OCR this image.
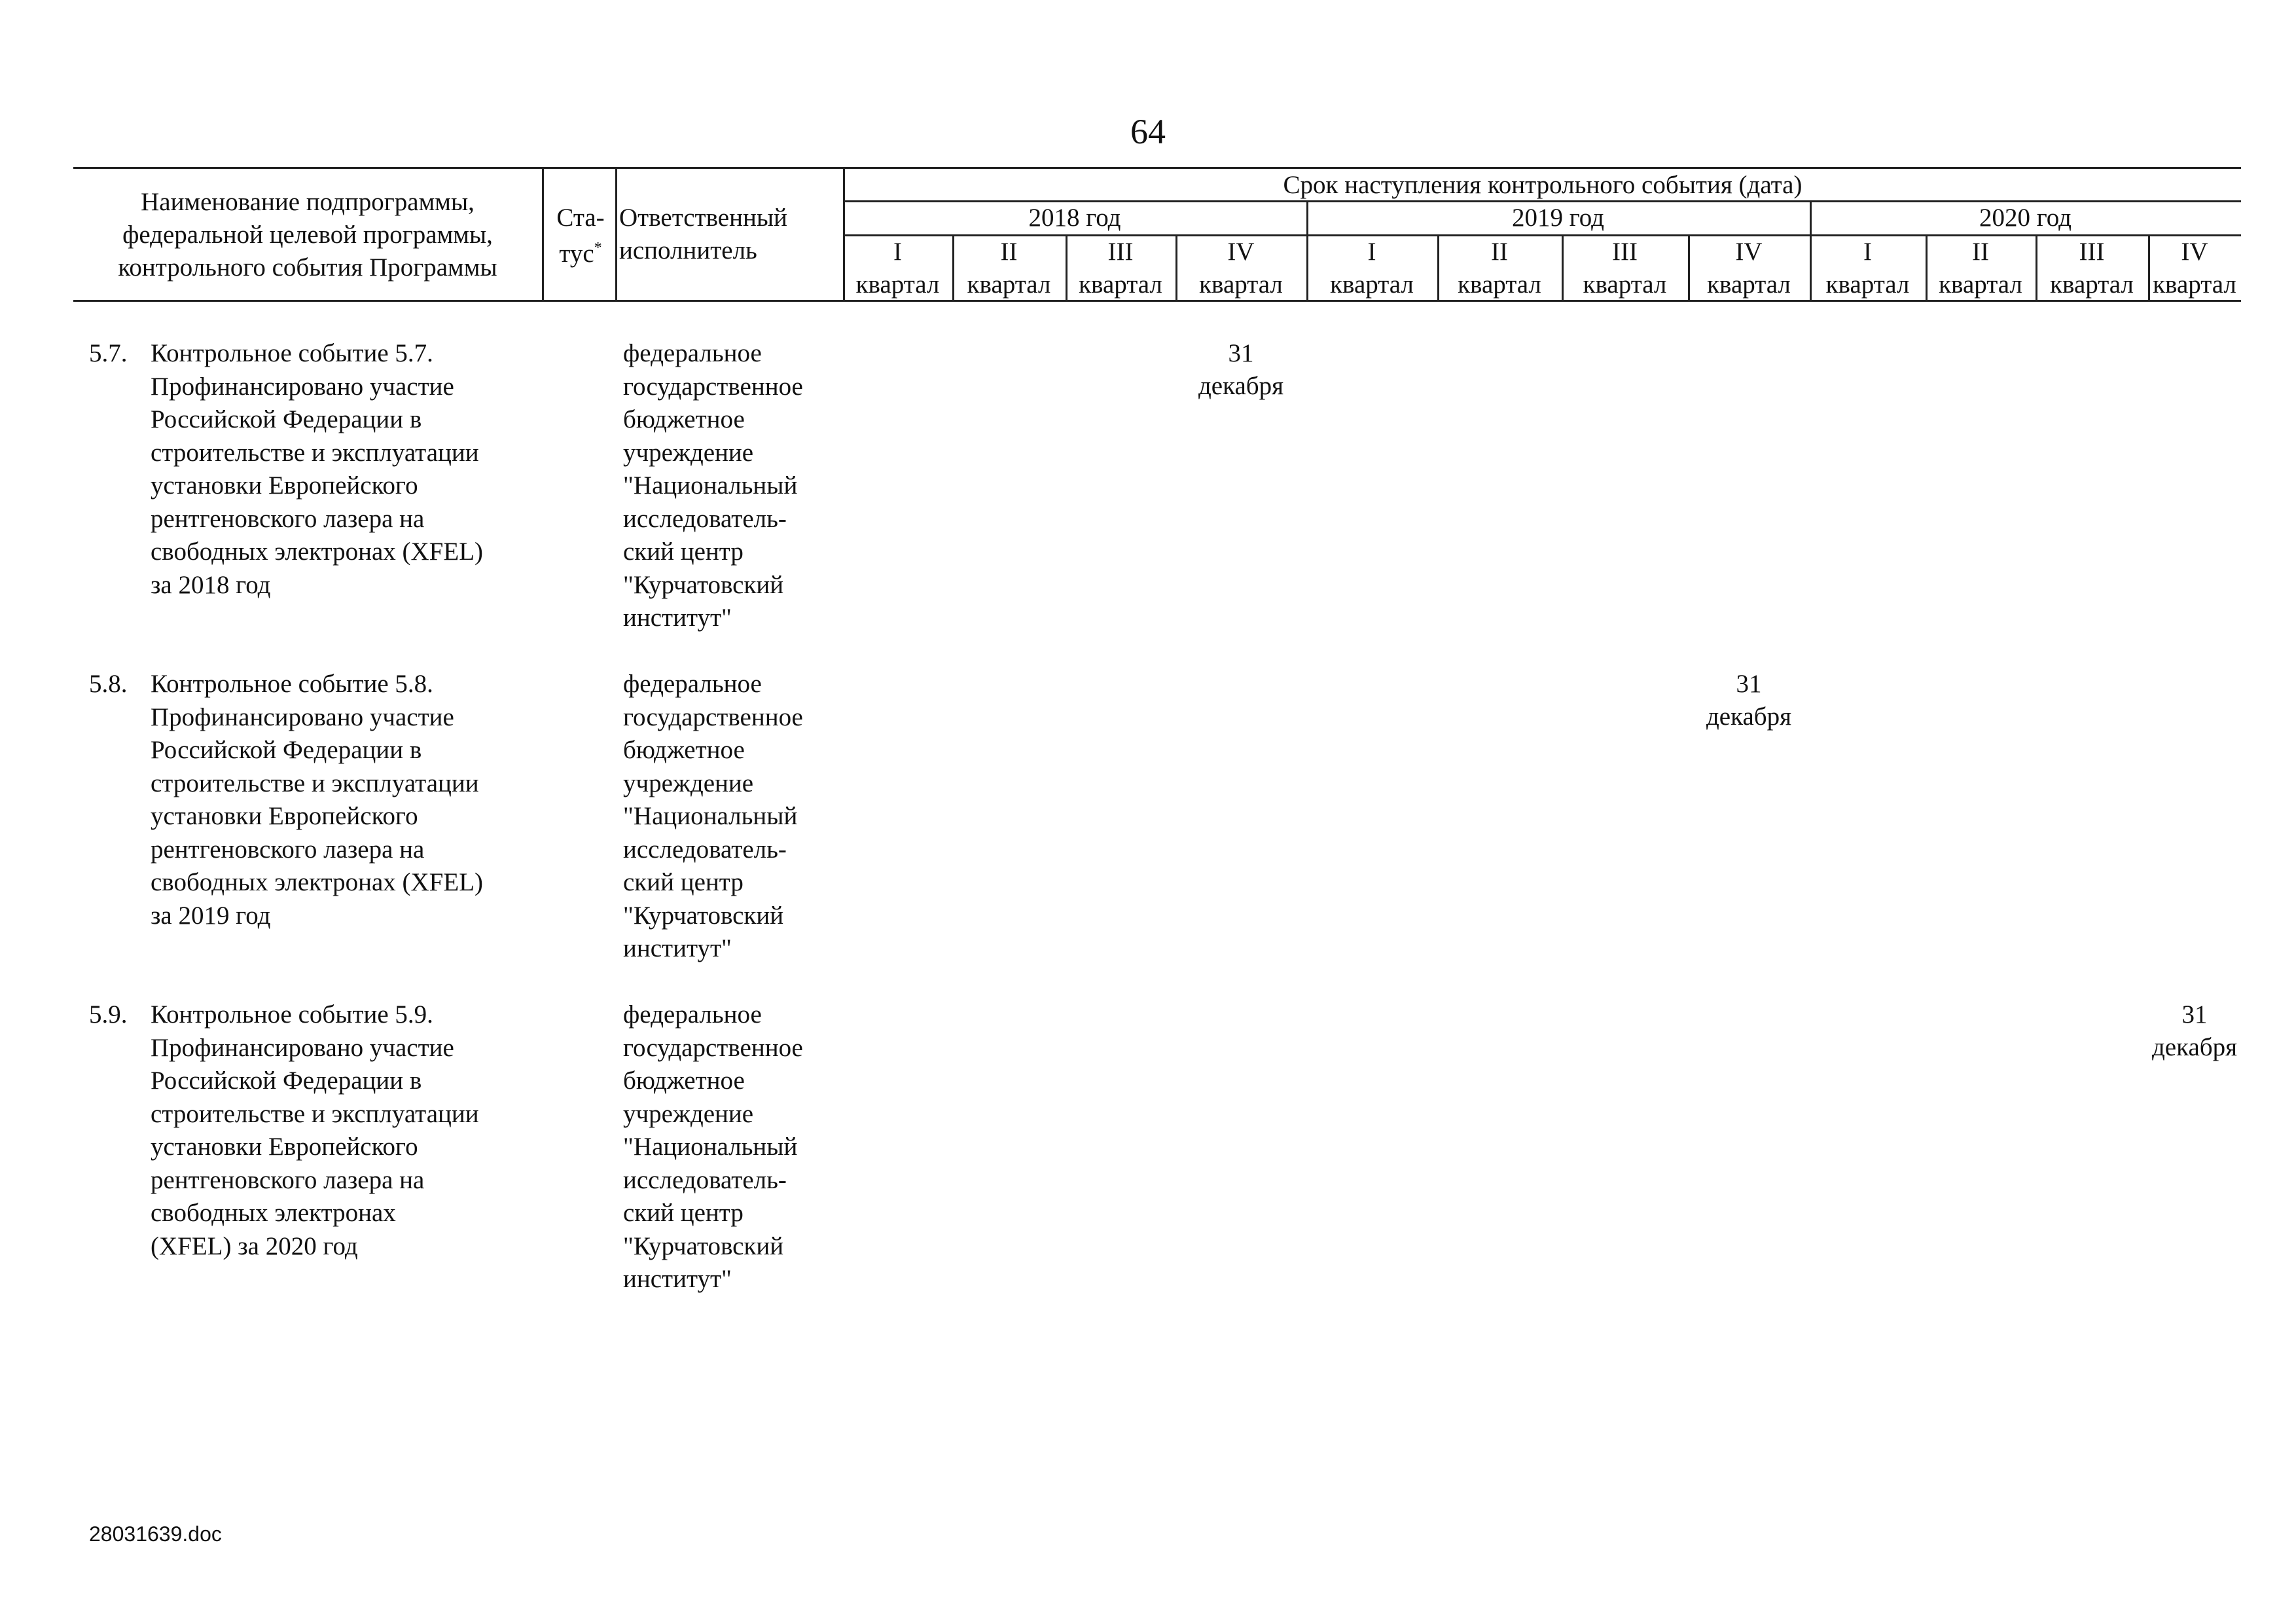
64
Наименование подпрограммы,
федеральной целевой программы,
контрольного события Программы
Ста-
тус*
Ответственный
исполнитель
Срок наступления контрольного события (дата)
2018 год	2019 год	2020 год
I
квартал
II
квартал
III
квартал
IV
квартал
I
квартал
II
квартал
III
квартал
IV
квартал
I
квартал
II
квартал
III
квартал
IV
квартал
5.7. Контрольное событие 5.7.
Профинансировано участие
Российской Федерации в
строительстве и эксплуатации
установки Европейского
рентгеновского лазера на
свободных электронах (XFEL)
за 2018 год
федеральное
государственное
бюджетное
учреждение
"Национальный
исследователь-
ский центр
"Курчатовский
институт"
31
декабря
5.8. Контрольное событие 5.8.
Профинансировано участие
Российской Федерации в
строительстве и эксплуатации
установки Европейского
рентгеновского лазера на
свободных электронах (XFEL)
за 2019 год
федеральное
государственное
бюджетное
учреждение
"Национальный
исследователь-
ский центр
"Курчатовский
институт"
31
декабря
5.9. Контрольное событие 5.9.
Профинансировано участие
Российской Федерации в
строительстве и эксплуатации
установки Европейского
рентгеновского лазера на
свободных электронах
(XFEL) за 2020 год
федеральное
государственное
бюджетное
учреждение
"Национальный
исследователь-
ский центр
"Курчатовский
институт"
31
декабря
28031639.doc
